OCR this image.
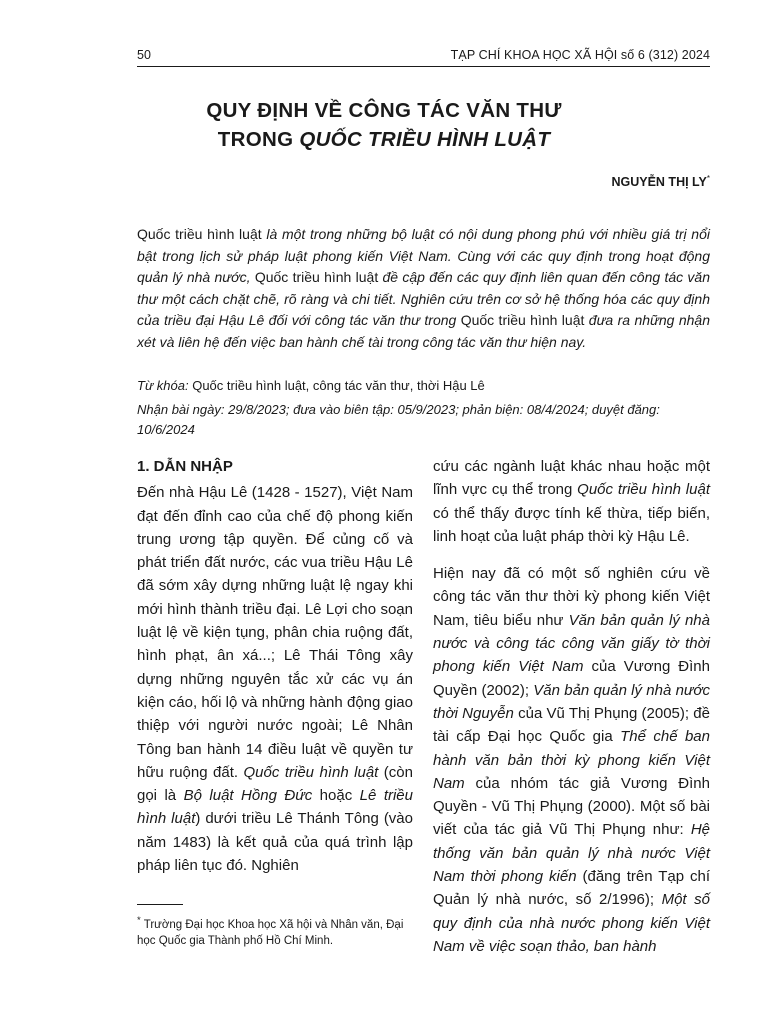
50	TẠP CHÍ KHOA HỌC XÃ HỘI số 6 (312) 2024
QUY ĐỊNH VỀ CÔNG TÁC VĂN THƯ
TRONG QUỐC TRIỀU HÌNH LUẬT
NGUYỄN THỊ LY*

Quốc triều hình luật là một trong những bộ luật có nội dung phong phú với nhiều giá trị nổi bật trong lịch sử pháp luật phong kiến Việt Nam. Cùng với các quy định trong hoạt động quản lý nhà nước, Quốc triều hình luật đề cập đến các quy định liên quan đến công tác văn thư một cách chặt chẽ, rõ ràng và chi tiết. Nghiên cứu trên cơ sở hệ thống hóa các quy định của triều đại Hậu Lê đối với công tác văn thư trong Quốc triều hình luật đưa ra những nhận xét và liên hệ đến việc ban hành chế tài trong công tác văn thư hiện nay.

Từ khóa: Quốc triều hình luật, công tác văn thư, thời Hậu Lê
Nhận bài ngày: 29/8/2023; đưa vào biên tập: 05/9/2023; phản biện: 08/4/2024; duyệt đăng: 10/6/2024

1. DẪN NHẬP

Đến nhà Hậu Lê (1428 - 1527), Việt Nam đạt đến đỉnh cao của chế độ phong kiến trung ương tập quyền. Để củng cố và phát triển đất nước, các vua triều Hậu Lê đã sớm xây dựng những luật lệ ngay khi mới hình thành triều đại. Lê Lợi cho soạn luật lệ về kiện tụng, phân chia ruộng đất, hình phạt, ân xá...; Lê Thái Tông xây dựng những nguyên tắc xử các vụ án kiện cáo, hối lộ và những hành động giao thiệp với người nước ngoài; Lê Nhân Tông ban hành 14 điều luật về quyền tư hữu ruộng đất. Quốc triều hình luật (còn gọi là Bộ luật Hồng Đức hoặc Lê triều hình luật) dưới triều Lê Thánh Tông (vào năm 1483) là kết quả của quá trình lập pháp liên tục đó. Nghiên

cứu các ngành luật khác nhau hoặc một lĩnh vực cụ thể trong Quốc triều hình luật có thể thấy được tính kế thừa, tiếp biến, linh hoạt của luật pháp thời kỳ Hậu Lê.

Hiện nay đã có một số nghiên cứu về công tác văn thư thời kỳ phong kiến Việt Nam, tiêu biểu như Văn bản quản lý nhà nước và công tác công văn giấy tờ thời phong kiến Việt Nam của Vương Đình Quyền (2002); Văn bản quản lý nhà nước thời Nguyễn của Vũ Thị Phụng (2005); đề tài cấp Đại học Quốc gia Thể chế ban hành văn bản thời kỳ phong kiến Việt Nam của nhóm tác giả Vương Đình Quyền - Vũ Thị Phụng (2000). Một số bài viết của tác giả Vũ Thị Phụng như: Hệ thống văn bản quản lý nhà nước Việt Nam thời phong kiến (đăng trên Tạp chí Quản lý nhà nước, số 2/1996); Một số quy định của nhà nước phong kiến Việt Nam về việc soạn thảo, ban hành

* Trường Đại học Khoa học Xã hội và Nhân văn, Đại học Quốc gia Thành phố Hồ Chí Minh.
